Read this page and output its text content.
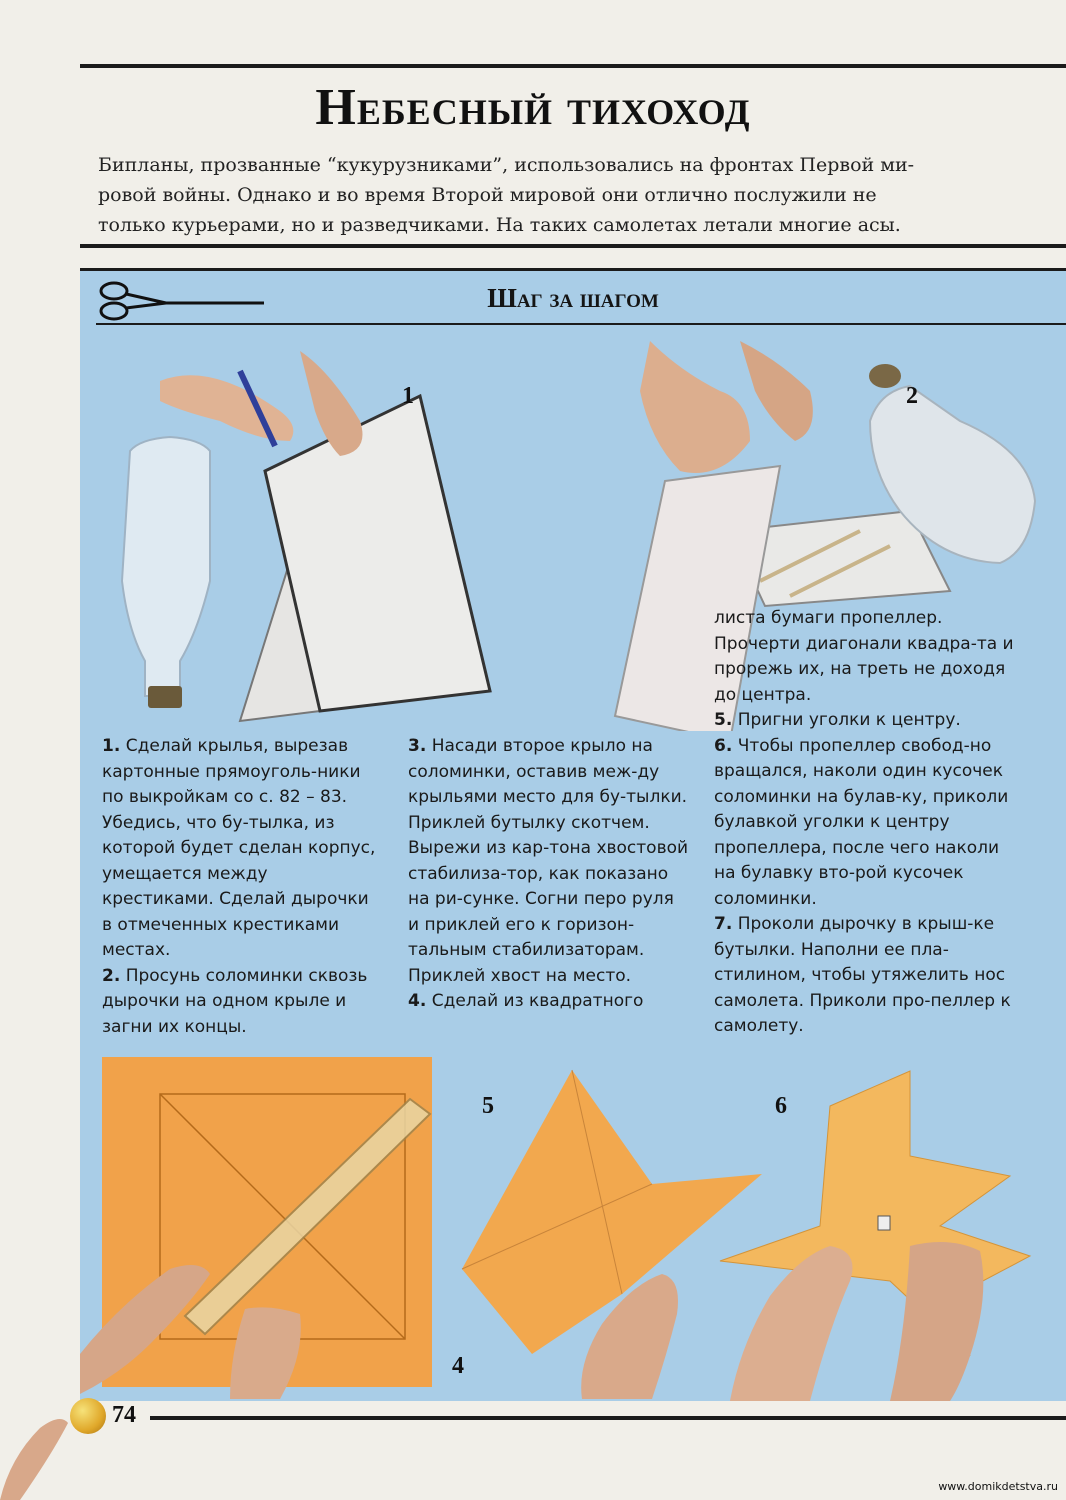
Небесный тихоход

Бипланы, прозванные “кукурузниками”, использовались на фронтах Первой ми-

ровой войны. Однако и во время Второй мировой они отлично послужили не

только курьерами, но и разведчиками. На таких самолетах летали многие асы.

Шаг за шагом
1	2

1. Сделай крылья, вырезав картонные прямоуголь-ники по выкройкам со с. 82 – 83. Убедись, что бу-тылка, из которой будет сделан корпус, умещается между крестиками. Сделай дырочки в отмеченных крестиками местах.

2. Просунь соломинки сквозь дырочки на одном крыле и загни их концы.

3. Насади второе крыло на соломинки, оставив меж-ду крыльями место для бу-тылки. Приклей бутылку скотчем. Вырежи из кар-тона хвостовой стабилиза-тор, как показано на ри-сунке. Согни перо руля и приклей его к горизон-тальным стабилизаторам. Приклей хвост на место.

4. Сделай из квадратного

листа бумаги пропеллер. Прочерти диагонали квадра-та и прорежь их, на треть не доходя до центра.

5. Пригни уголки к центру.

6. Чтобы пропеллер свобод-но вращался, наколи один кусочек соломинки на булав-ку, приколи булавкой уголки к центру пропеллера, после чего наколи на булавку вто-рой кусочек соломинки.

7. Проколи дырочку в крыш-ке бутылки. Наполни ее пла-стилином, чтобы утяжелить нос самолета. Приколи про-пеллер к самолету.

4
5	6
74
www.domikdetstva.ru
